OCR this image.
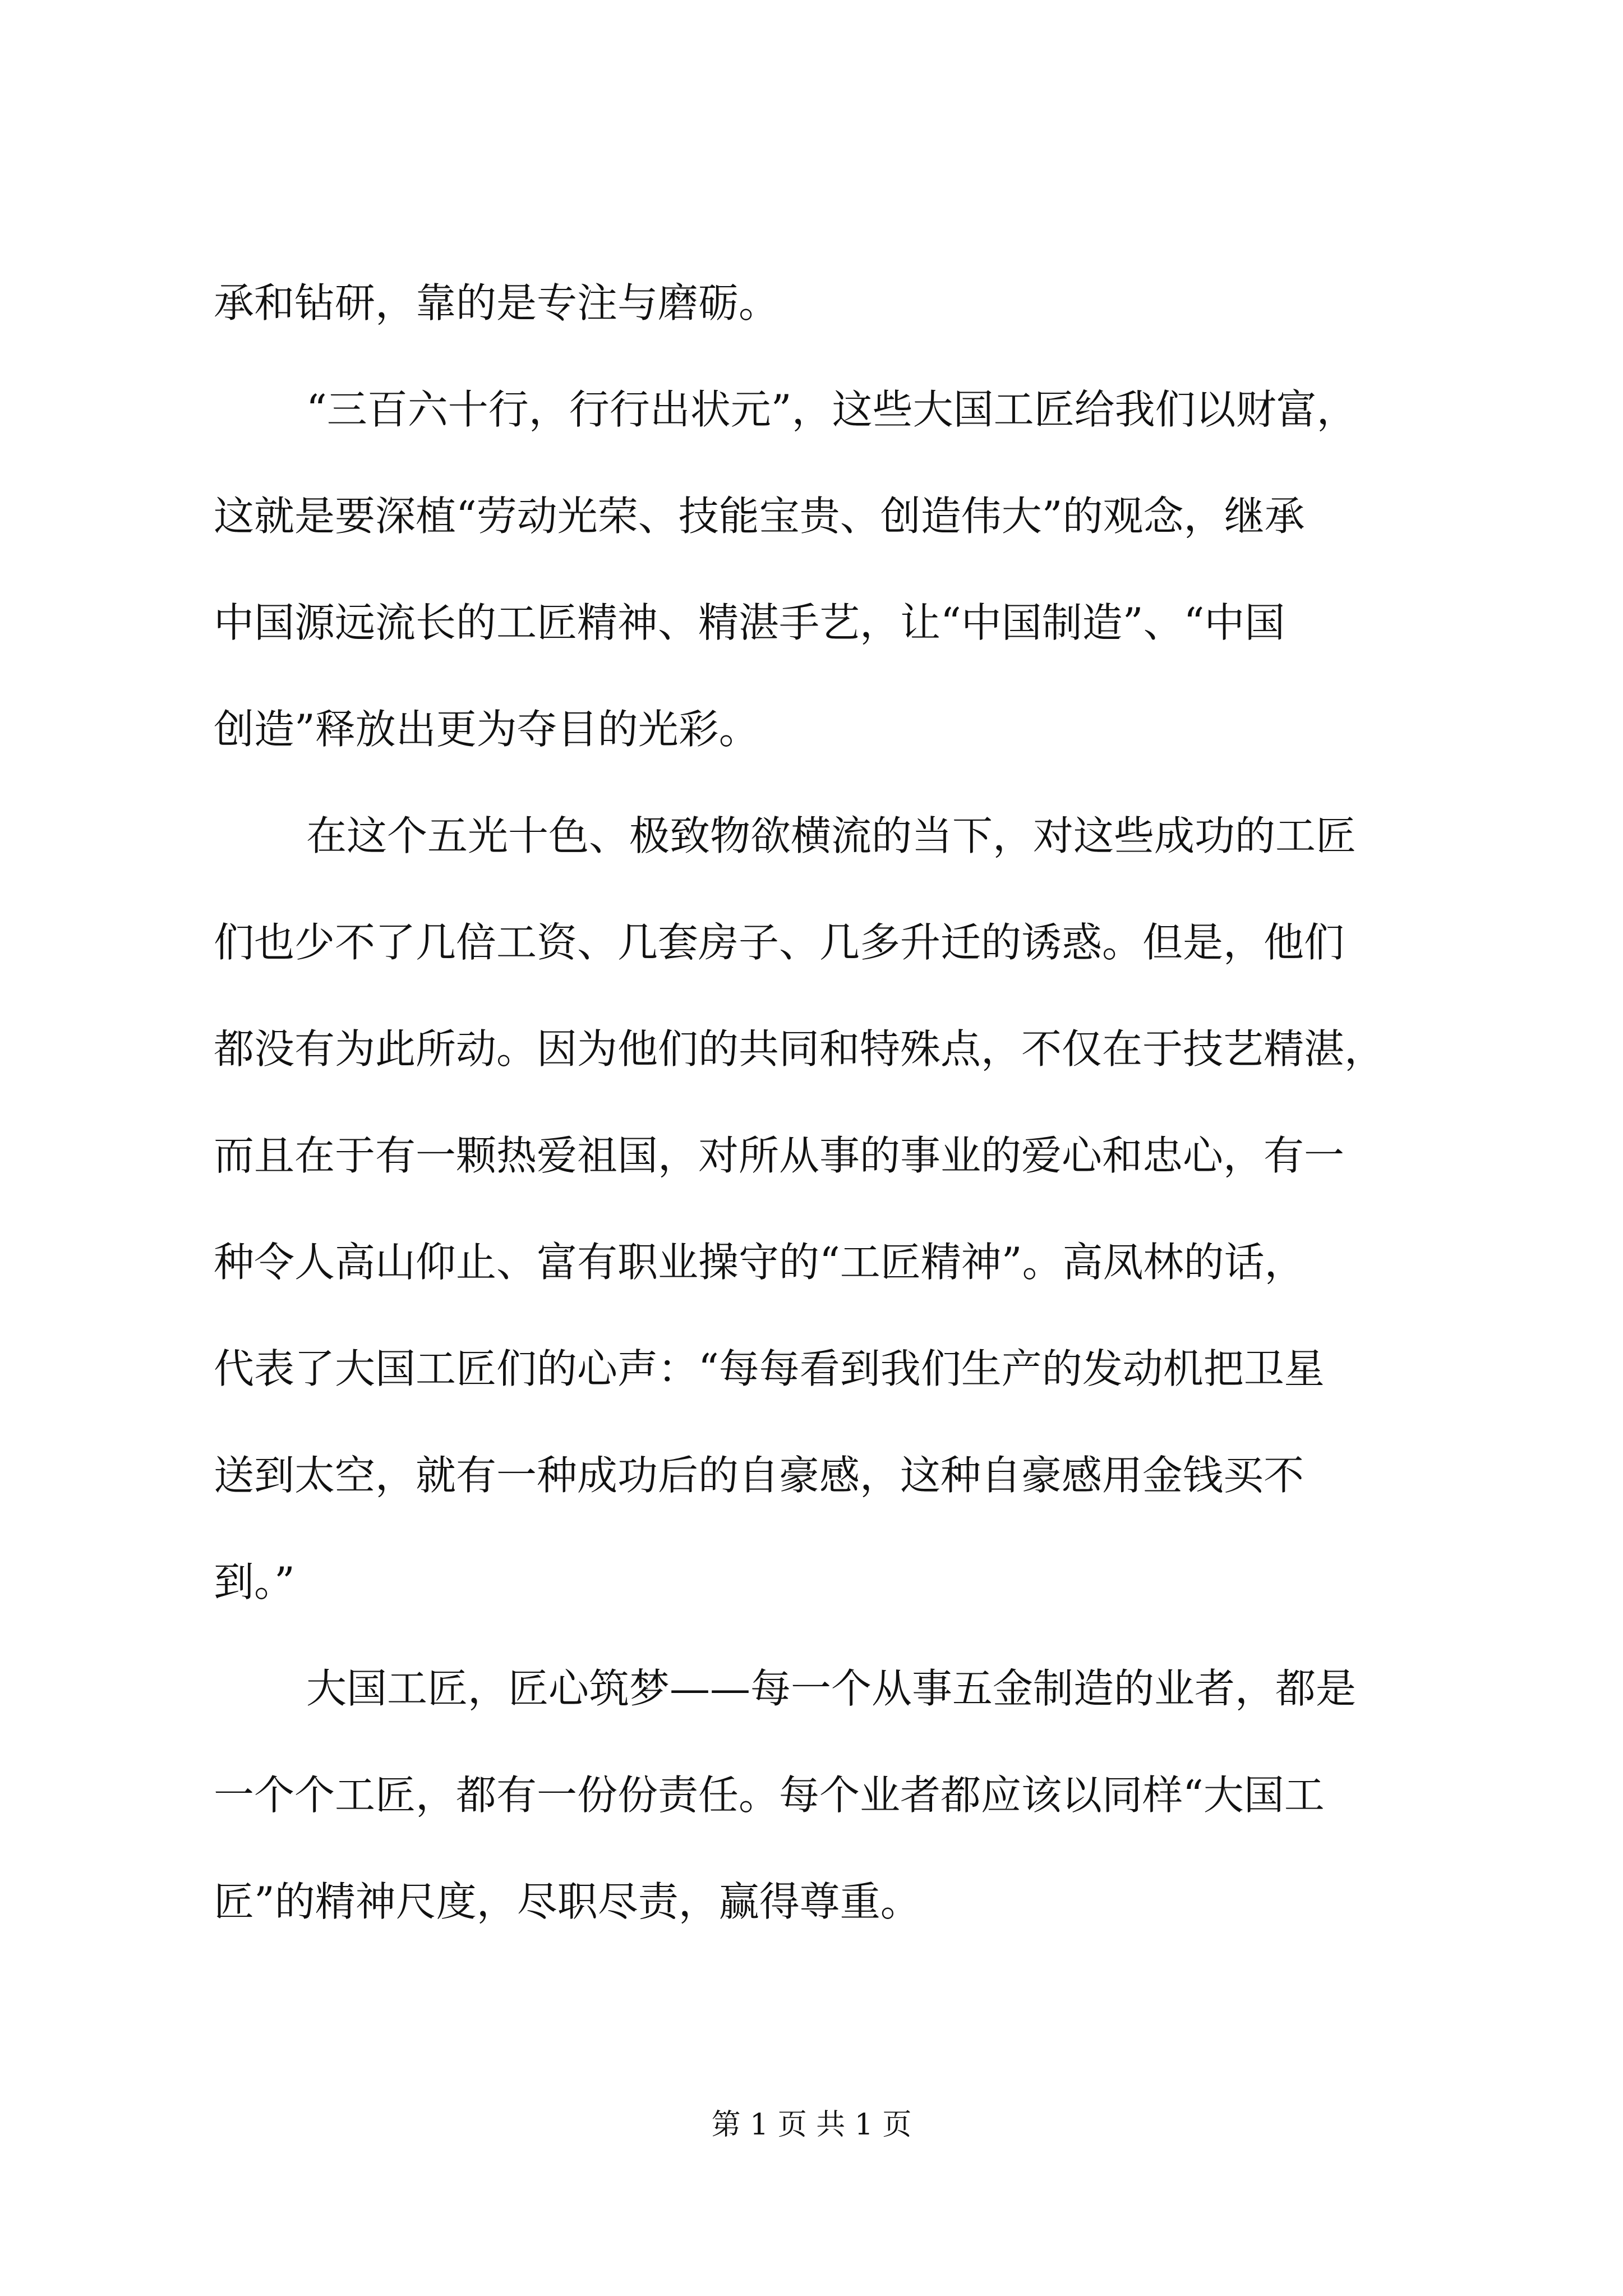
承和钻研，靠的是专注与磨砺。
“三百六十行，行行出状元”，这些大国工匠给我们以财富，
这就是要深植“劳动光荣、技能宝贵、创造伟大”的观念，继承
中国源远流长的工匠精神、精湛手艺，让“中国制造”、“中国
创造”释放出更为夺目的光彩。
在这个五光十色、极致物欲横流的当下，对这些成功的工匠
们也少不了几倍工资、几套房子、几多升迁的诱惑。但是，他们
都没有为此所动。因为他们的共同和特殊点，不仅在于技艺精湛，
而且在于有一颗热爱祖国，对所从事的事业的爱心和忠心，有一
种令人高山仰止、富有职业操守的“工匠精神”。高凤林的话，
代表了大国工匠们的心声：“每每看到我们生产的发动机把卫星
送到太空，就有一种成功后的自豪感，这种自豪感用金钱买不
到。”
大国工匠，匠心筑梦——每一个从事五金制造的业者，都是
一个个工匠，都有一份份责任。每个业者都应该以同样“大国工
匠”的精神尺度，尽职尽责，赢得尊重。
第 1 页 共 1 页
